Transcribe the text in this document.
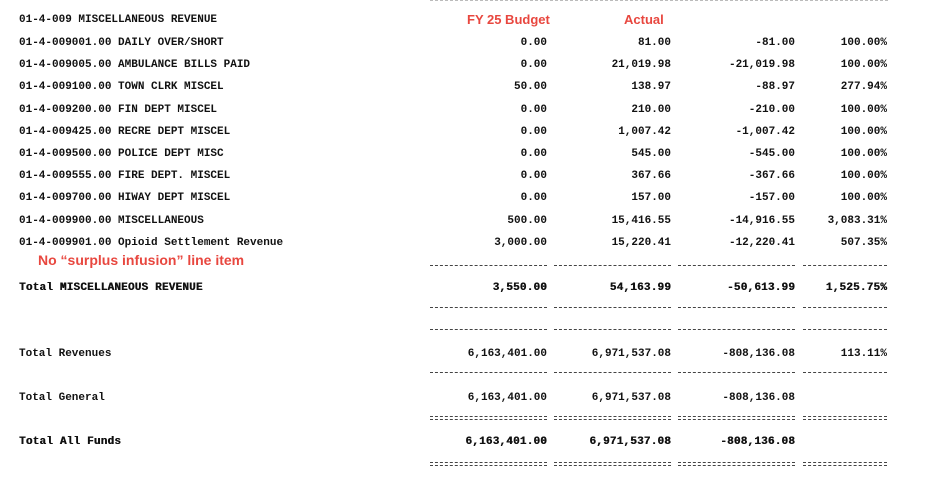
01-4-009 MISCELLANEOUS REVENUE	FY 25 Budget	Actual
01-4-009001.00 DAILY OVER/SHORT	0.00	81.00	-81.00	100.00%
01-4-009005.00 AMBULANCE BILLS PAID	0.00	21,019.98	-21,019.98	100.00%
01-4-009100.00 TOWN CLRK MISCEL	50.00	138.97	-88.97	277.94%
01-4-009200.00 FIN DEPT MISCEL	0.00	210.00	-210.00	100.00%
01-4-009425.00 RECRE DEPT MISCEL	0.00	1,007.42	-1,007.42	100.00%
01-4-009500.00 POLICE DEPT MISC	0.00	545.00	-545.00	100.00%
01-4-009555.00 FIRE DEPT. MISCEL	0.00	367.66	-367.66	100.00%
01-4-009700.00 HIWAY DEPT MISCEL	0.00	157.00	-157.00	100.00%
01-4-009900.00 MISCELLANEOUS	500.00	15,416.55	-14,916.55	3,083.31%
01-4-009901.00 Opioid Settlement Revenue	3,000.00	15,220.41	-12,220.41	507.35%
No “surplus infusion” line item
Total MISCELLANEOUS REVENUE	3,550.00	54,163.99	-50,613.99	1,525.75%
Total Revenues	6,163,401.00	6,971,537.08	-808,136.08	113.11%
Total General	6,163,401.00	6,971,537.08	-808,136.08
Total All Funds	6,163,401.00	6,971,537.08	-808,136.08
